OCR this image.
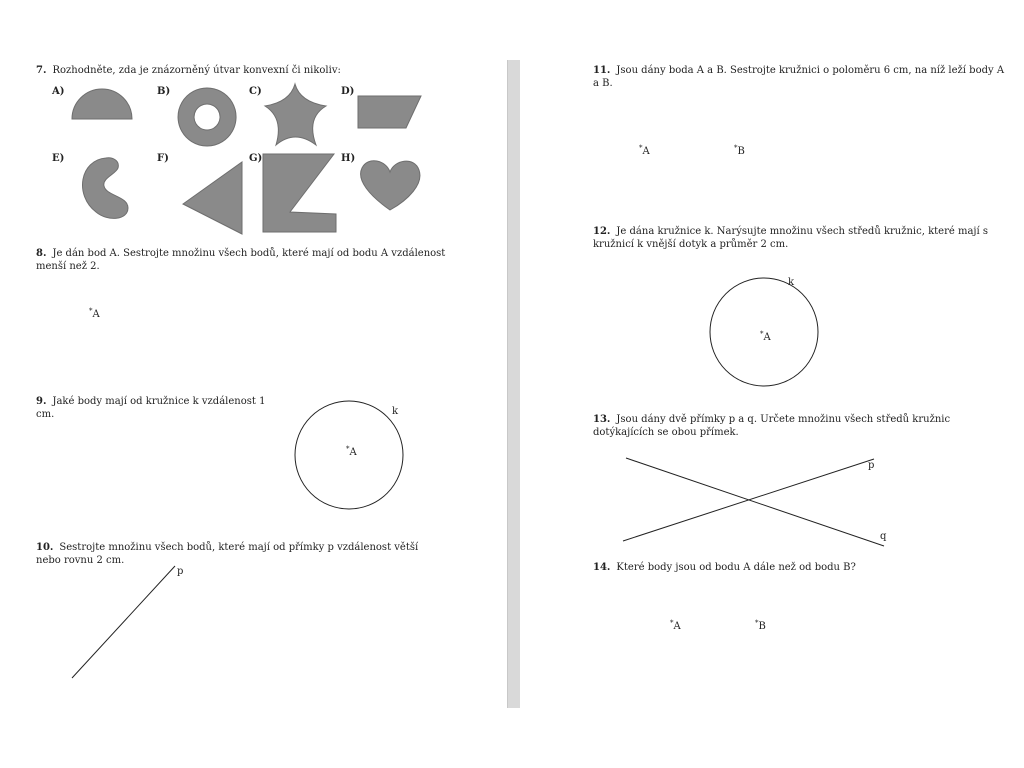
7. Rozhodněte, zda je znázorněný útvar konvexní či nikoliv:
A)	B)	C)	D)
E)	F)	G)	H)
8. Je dán bod A. Sestrojte množinu všech bodů, které mají od bodu A vzdálenost menší než 2.
*A
9. Jaké body mají od kružnice k vzdálenost 1 cm.	k
*A
10. Sestrojte množinu všech bodů, které mají od přímky p vzdálenost větší nebo rovnu 2 cm.
p
11. Jsou dány boda A a B. Sestrojte kružnici o poloměru 6 cm, na níž leží body A a B.
*A	*B
12. Je dána kružnice k. Narýsujte množinu všech středů kružnic, které mají s kružnicí k vnější dotyk a průměr 2 cm.
k
*A
13. Jsou dány dvě přímky p a q. Určete množinu všech středů kružnic dotýkajících se obou přímek.
p
q
14. Které body jsou od bodu A dále než od bodu B?
*A	*B
